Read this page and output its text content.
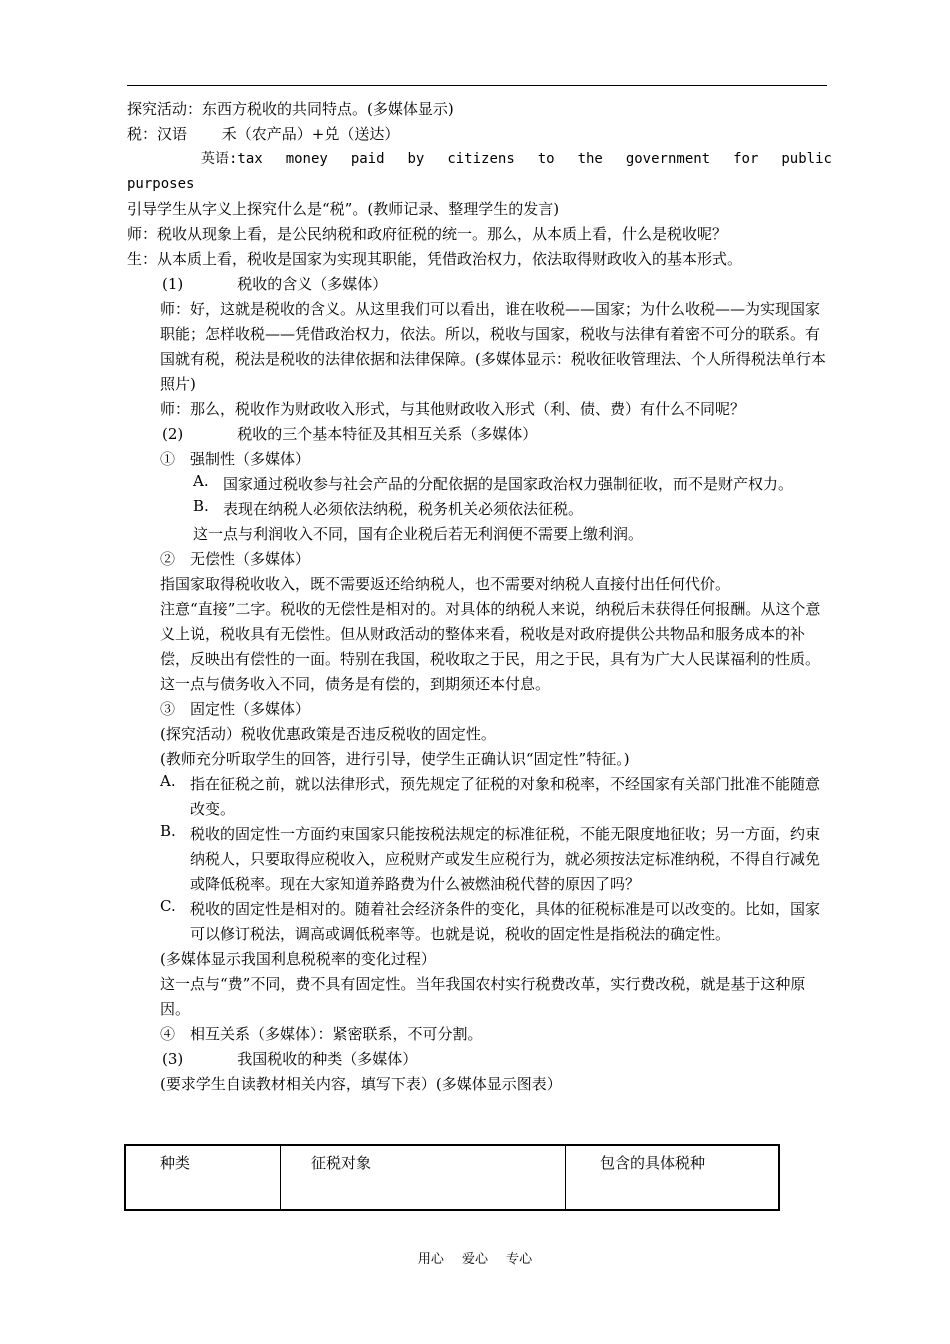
探究活动：东西方税收的共同特点。(多媒体显示)
税：汉语　　 禾（农产品）+兑（送达）
英语:tax money paid by citizens to the government for public
purposes
引导学生从字义上探究什么是“税”。(教师记录、整理学生的发言)
师：税收从现象上看，是公民纳税和政府征税的统一。那么，从本质上看，什么是税收呢？
生：从本质上看，税收是国家为实现其职能，凭借政治权力，依法取得财政收入的基本形式。
(1)	税收的含义（多媒体）
师：好，这就是税收的含义。从这里我们可以看出，谁在收税——国家；为什么收税——为实现国家职能；怎样收税——凭借政治权力，依法。所以，税收与国家，税收与法律有着密不可分的联系。有国就有税，税法是税收的法律依据和法律保障。(多媒体显示：税收征收管理法、个人所得税法单行本照片)
师：那么，税收作为财政收入形式，与其他财政收入形式（利、债、费）有什么不同呢？
(2)	税收的三个基本特征及其相互关系（多媒体）
①　强制性（多媒体）
A. 国家通过税收参与社会产品的分配依据的是国家政治权力强制征收，而不是财产权力。
B. 表现在纳税人必须依法纳税，税务机关必须依法征税。
这一点与利润收入不同，国有企业税后若无利润便不需要上缴利润。
②　无偿性（多媒体）
指国家取得税收收入，既不需要返还给纳税人，也不需要对纳税人直接付出任何代价。
注意“直接”二字。税收的无偿性是相对的。对具体的纳税人来说，纳税后未获得任何报酬。从这个意义上说，税收具有无偿性。但从财政活动的整体来看，税收是对政府提供公共物品和服务成本的补偿，反映出有偿性的一面。特别在我国，税收取之于民，用之于民，具有为广大人民谋福利的性质。
这一点与债务收入不同，债务是有偿的，到期须还本付息。
③　固定性（多媒体）
(探究活动）税收优惠政策是否违反税收的固定性。
(教师充分听取学生的回答，进行引导，使学生正确认识“固定性”特征。)
A. 指在征税之前，就以法律形式，预先规定了征税的对象和税率，不经国家有关部门批准不能随意改变。
B. 税收的固定性一方面约束国家只能按税法规定的标准征税，不能无限度地征收；另一方面，约束纳税人，只要取得应税收入，应税财产或发生应税行为，就必须按法定标准纳税，不得自行减免或降低税率。现在大家知道养路费为什么被燃油税代替的原因了吗？
C. 税收的固定性是相对的。随着社会经济条件的变化，具体的征税标准是可以改变的。比如，国家可以修订税法，调高或调低税率等。也就是说，税收的固定性是指税法的确定性。
(多媒体显示我国利息税税率的变化过程）
这一点与“费”不同，费不具有固定性。当年我国农村实行税费改革，实行费改税，就是基于这种原因。
④　相互关系（多媒体）：紧密联系，不可分割。
(3)	我国税收的种类（多媒体）
(要求学生自读教材相关内容，填写下表）(多媒体显示图表）
种类	征税对象	包含的具体税种
用心 爱心 专心
